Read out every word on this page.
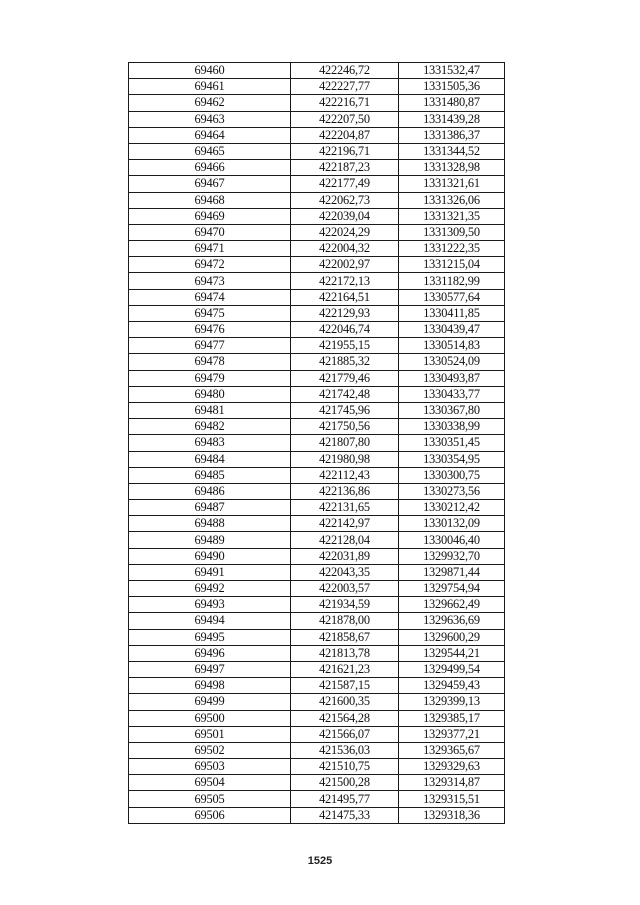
69460	422246,72	1331532,47
69461	422227,77	1331505,36
69462	422216,71	1331480,87
69463	422207,50	1331439,28
69464	422204,87	1331386,37
69465	422196,71	1331344,52
69466	422187,23	1331328,98
69467	422177,49	1331321,61
69468	422062,73	1331326,06
69469	422039,04	1331321,35
69470	422024,29	1331309,50
69471	422004,32	1331222,35
69472	422002,97	1331215,04
69473	422172,13	1331182,99
69474	422164,51	1330577,64
69475	422129,93	1330411,85
69476	422046,74	1330439,47
69477	421955,15	1330514,83
69478	421885,32	1330524,09
69479	421779,46	1330493,87
69480	421742,48	1330433,77
69481	421745,96	1330367,80
69482	421750,56	1330338,99
69483	421807,80	1330351,45
69484	421980,98	1330354,95
69485	422112,43	1330300,75
69486	422136,86	1330273,56
69487	422131,65	1330212,42
69488	422142,97	1330132,09
69489	422128,04	1330046,40
69490	422031,89	1329932,70
69491	422043,35	1329871,44
69492	422003,57	1329754,94
69493	421934,59	1329662,49
69494	421878,00	1329636,69
69495	421858,67	1329600,29
69496	421813,78	1329544,21
69497	421621,23	1329499,54
69498	421587,15	1329459,43
69499	421600,35	1329399,13
69500	421564,28	1329385,17
69501	421566,07	1329377,21
69502	421536,03	1329365,67
69503	421510,75	1329329,63
69504	421500,28	1329314,87
69505	421495,77	1329315,51
69506	421475,33	1329318,36
1525
